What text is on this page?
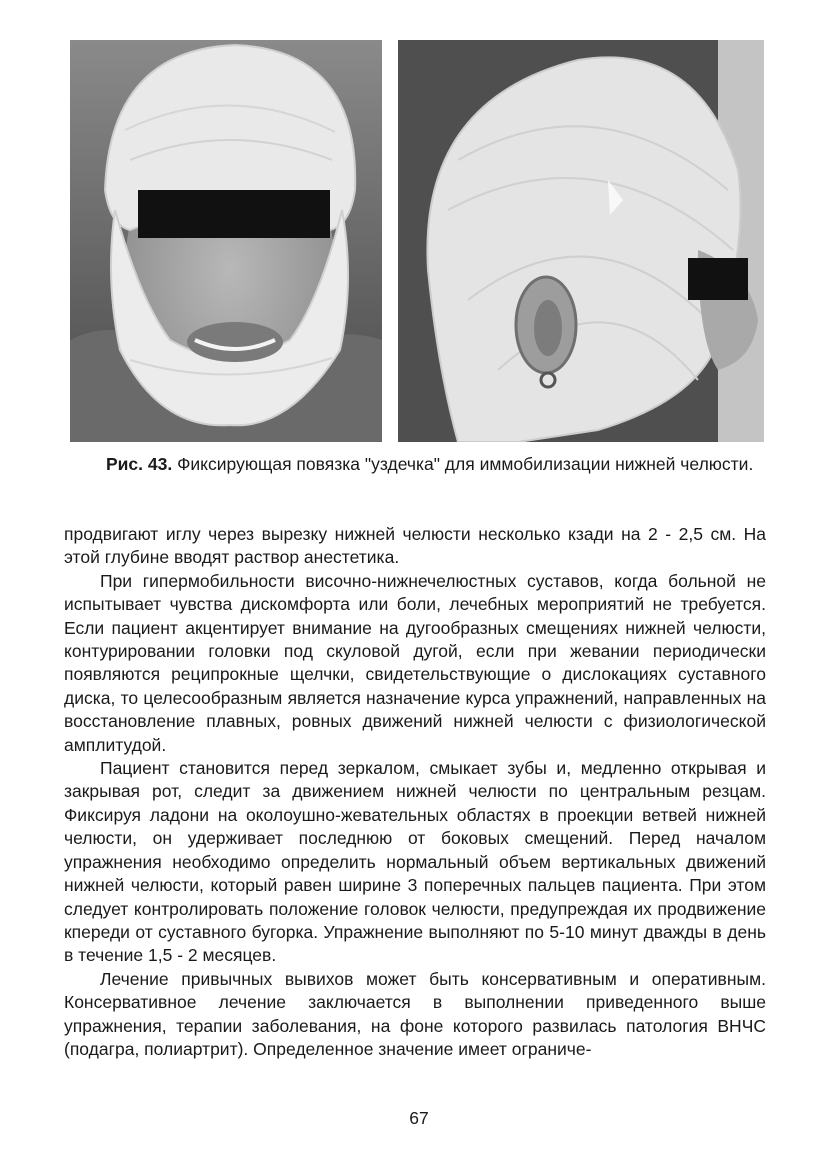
Рис. 43. Фиксирующая повязка "уздечка" для иммобилизации нижней челюсти.

продвигают иглу через вырезку нижней челюсти несколько кзади на 2 - 2,5 см. На этой глубине вводят раствор анестетика.

При гипермобильности височно-нижнечелюстных суставов, когда больной не испытывает чувства дискомфорта или боли, лечебных мероприятий не требуется. Если пациент акцентирует внимание на дугообразных смещениях нижней челюсти, контурировании головки под скуловой дугой, если при жевании периодически появляются реципрокные щелчки, свидетельствующие о дислокациях суставного диска, то целесообразным является назначение курса упражнений, направленных на восстановление плавных, ровных движений нижней челюсти с физиологической амплитудой.

Пациент становится перед зеркалом, смыкает зубы и, медленно открывая и закрывая рот, следит за движением нижней челюсти по центральным резцам. Фиксируя ладони на околоушно-жевательных областях в проекции ветвей нижней челюсти, он удерживает последнюю от боковых смещений. Перед началом упражнения необходимо определить нормальный объем вертикальных движений нижней челюсти, который равен ширине 3 поперечных пальцев пациента. При этом следует контролировать положение головок челюсти, предупреждая их продвижение кпереди от суставного бугорка. Упражнение выполняют по 5-10 минут дважды в день в течение 1,5 - 2 месяцев.

Лечение привычных вывихов может быть консервативным и оперативным. Консервативное лечение заключается в выполнении приведенного выше упражнения, терапии заболевания, на фоне которого развилась патология ВНЧС (подагра, полиартрит). Определенное значение имеет ограниче-

67
